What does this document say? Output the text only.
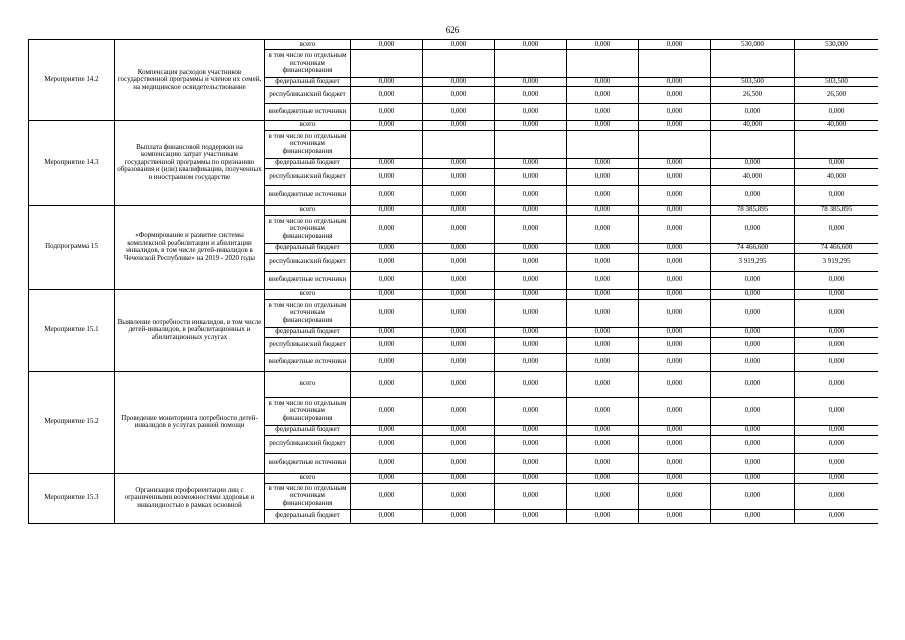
626
Мероприятие 14.2	Компенсация расходов участников государственной программы и членов их семей, на медицинское освидетельствование	всего	0,000	0,000	0,000	0,000	0,000	530,000	530,000
		в том числе по отдельным источникам финансирования							
		федеральный бюджет	0,000	0,000	0,000	0,000	0,000	503,500	503,500
		республиканский бюджет	0,000	0,000	0,000	0,000	0,000	26,500	26,500
		внебюджетные источники	0,000	0,000	0,000	0,000	0,000	0,000	0,000
Мероприятие 14.3	Выплата финансовой поддержки на компенсацию затрат участникам государственной программы по признанию образования и (или) квалификации, полученных в иностранном государстве	всего	0,000	0,000	0,000	0,000	0,000	40,000	40,000
		в том числе по отдельным источникам финансирования							
		федеральный бюджет	0,000	0,000	0,000	0,000	0,000	0,000	0,000
		республиканский бюджет	0,000	0,000	0,000	0,000	0,000	40,000	40,000
		внебюджетные источники	0,000	0,000	0,000	0,000	0,000	0,000	0,000
Подпрограмма 15	«Формирование и развитие системы комплексной реабилитации и абилитации инвалидов, в том числе детей-инвалидов в Чеченской Республике» на 2019 - 2020 годы	всего	0,000	0,000	0,000	0,000	0,000	78 385,895	78 385,895
		в том числе по отдельным источникам финансирования	0,000	0,000	0,000	0,000	0,000	0,000	0,000
		федеральный бюджет	0,000	0,000	0,000	0,000	0,000	74 466,600	74 466,600
		республиканский бюджет	0,000	0,000	0,000	0,000	0,000	3 919,295	3 919,295
		внебюджетные источники	0,000	0,000	0,000	0,000	0,000	0,000	0,000
Мероприятие 15.1	Выявление потребности инвалидов, в том числе детей-инвалидов, в реабилитационных и абилитационных услугах	всего	0,000	0,000	0,000	0,000	0,000	0,000	0,000
		в том числе по отдельным источникам финансирования	0,000	0,000	0,000	0,000	0,000	0,000	0,000
		федеральный бюджет	0,000	0,000	0,000	0,000	0,000	0,000	0,000
		республиканский бюджет	0,000	0,000	0,000	0,000	0,000	0,000	0,000
		внебюджетные источники	0,000	0,000	0,000	0,000	0,000	0,000	0,000
Мероприятие 15.2	Проведение мониторинга потребности детей- инвалидов в услугах ранней помощи	всего	0,000	0,000	0,000	0,000	0,000	0,000	0,000
		в том числе по отдельным источникам финансирования	0,000	0,000	0,000	0,000	0,000	0,000	0,000
		федеральный бюджет	0,000	0,000	0,000	0,000	0,000	0,000	0,000
		республиканский бюджет	0,000	0,000	0,000	0,000	0,000	0,000	0,000
		внебюджетные источники	0,000	0,000	0,000	0,000	0,000	0,000	0,000
Мероприятие 15.3	Организация профориентации лиц с ограниченными возможностями здоровья и инвалидностью в рамках основной	всего	0,000	0,000	0,000	0,000	0,000	0,000	0,000
		в том числе по отдельным источникам финансирования	0,000	0,000	0,000	0,000	0,000	0,000	0,000
		федеральный бюджет	0,000	0,000	0,000	0,000	0,000	0,000	0,000
